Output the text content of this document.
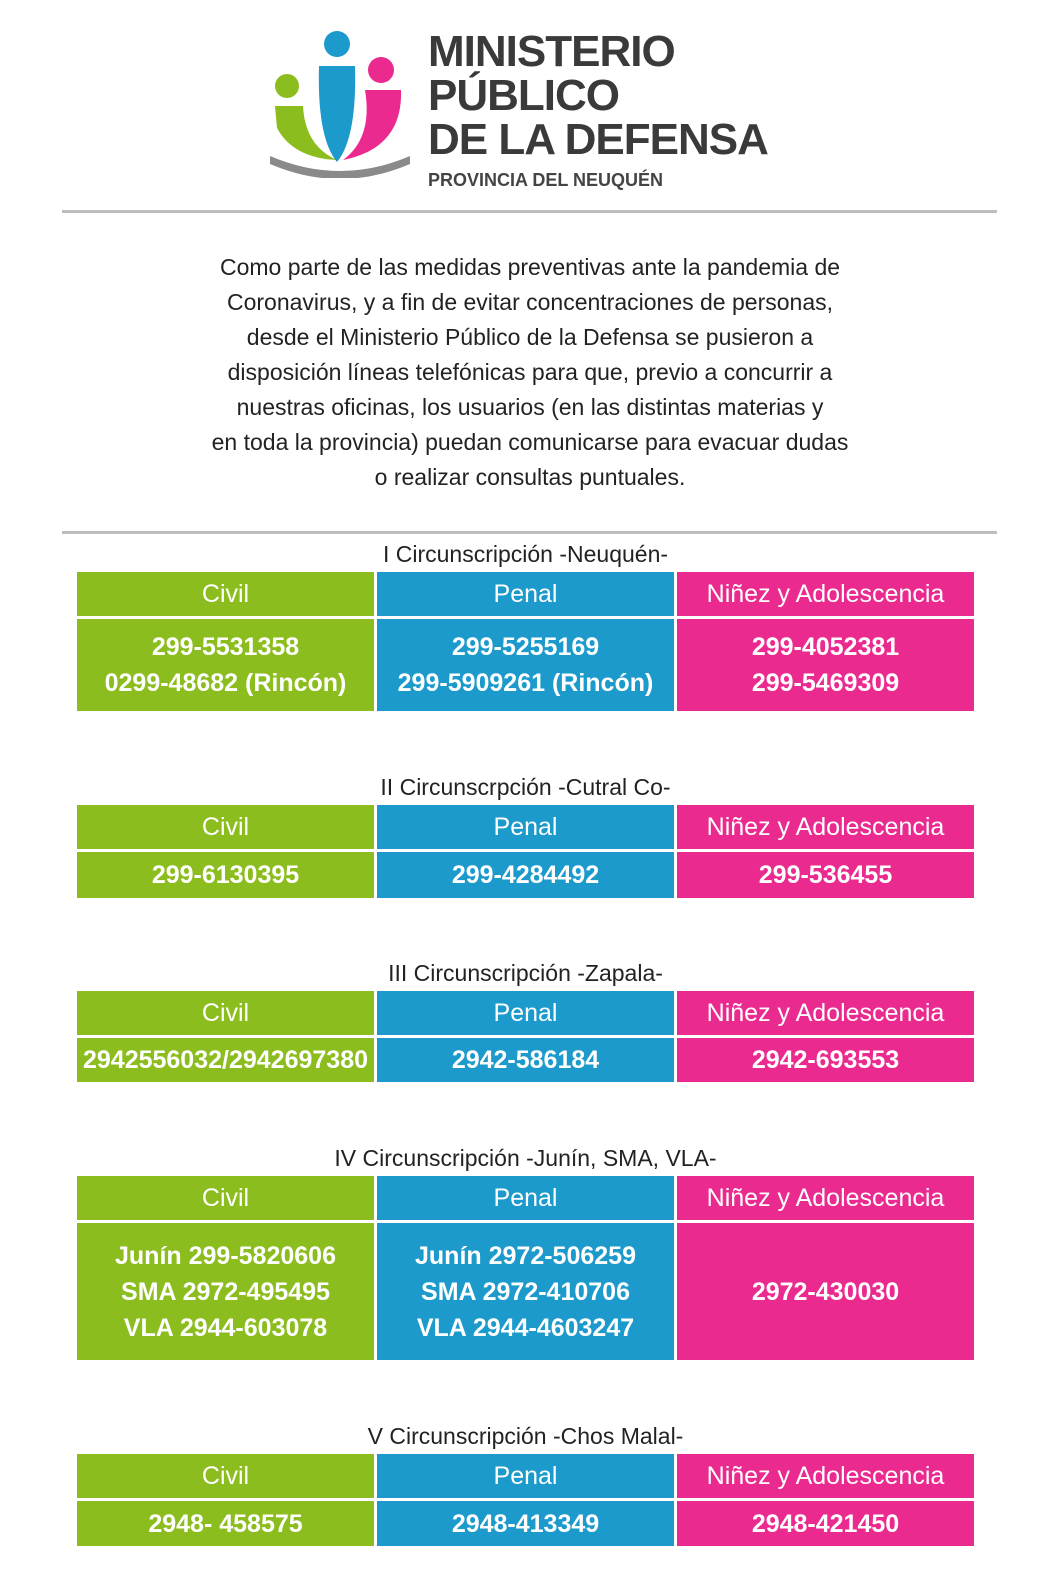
MINISTERIO
PÚBLICO
DE LA DEFENSA
PROVINCIA DEL NEUQUÉN
Como parte de las medidas preventivas ante la pandemia de
Coronavirus, y a fin de evitar concentraciones de personas,
desde el Ministerio Público de la Defensa se pusieron a
disposición líneas telefónicas para que, previo a concurrir a
nuestras oficinas, los usuarios (en las distintas materias y
en toda la provincia) puedan comunicarse para evacuar dudas
o realizar consultas puntuales.
I Circunscripción -Neuquén-
Civil
299-5531358
0299-48682 (Rincón)
Penal
299-5255169
299-5909261 (Rincón)
Niñez y Adolescencia
299-4052381
299-5469309
II Circunscrpción -Cutral Co-
Civil
299-6130395
Penal
299-4284492
Niñez y Adolescencia
299-536455
III Circunscripción -Zapala-
Civil
2942556032/2942697380
Penal
2942-586184
Niñez y Adolescencia
2942-693553
IV Circunscripción -Junín, SMA, VLA-
Civil
Junín 299-5820606
SMA 2972-495495
VLA 2944-603078
Penal
Junín 2972-506259
SMA 2972-410706
VLA 2944-4603247
Niñez y Adolescencia
2972-430030
V Circunscripción -Chos Malal-
Civil
2948- 458575
Penal
2948-413349
Niñez y Adolescencia
2948-421450
